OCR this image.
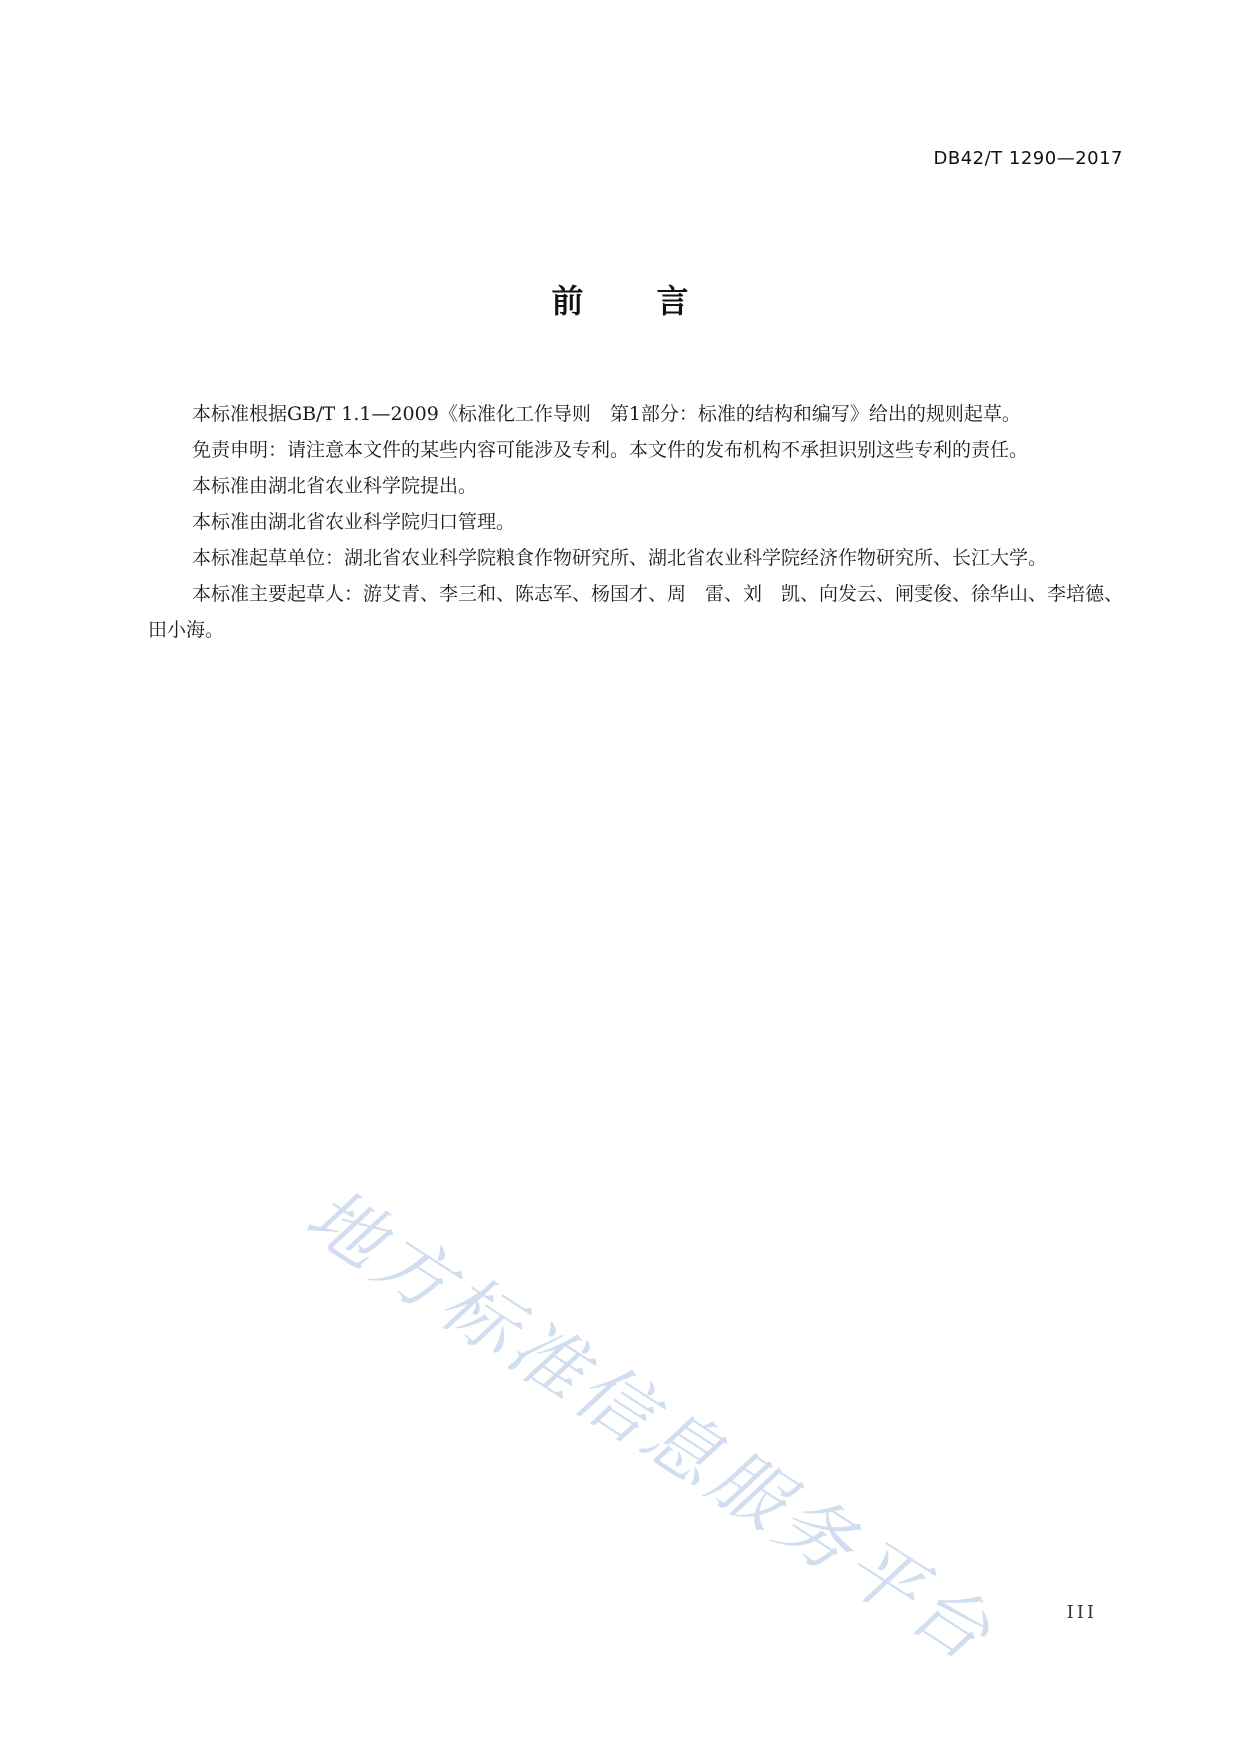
DB42/T 1290—2017
前 言

本标准根据GB/T 1.1—2009《标准化工作导则　第1部分：标准的结构和编写》给出的规则起草。

免责申明：请注意本文件的某些内容可能涉及专利。本文件的发布机构不承担识别这些专利的责任。

本标准由湖北省农业科学院提出。

本标准由湖北省农业科学院归口管理。

本标准起草单位：湖北省农业科学院粮食作物研究所、湖北省农业科学院经济作物研究所、长江大学。

本标准主要起草人：游艾青、李三和、陈志军、杨国才、周　雷、刘　凯、向发云、闸雯俊、徐华山、李培德、田小海。

地方标准信息服务平台	III
